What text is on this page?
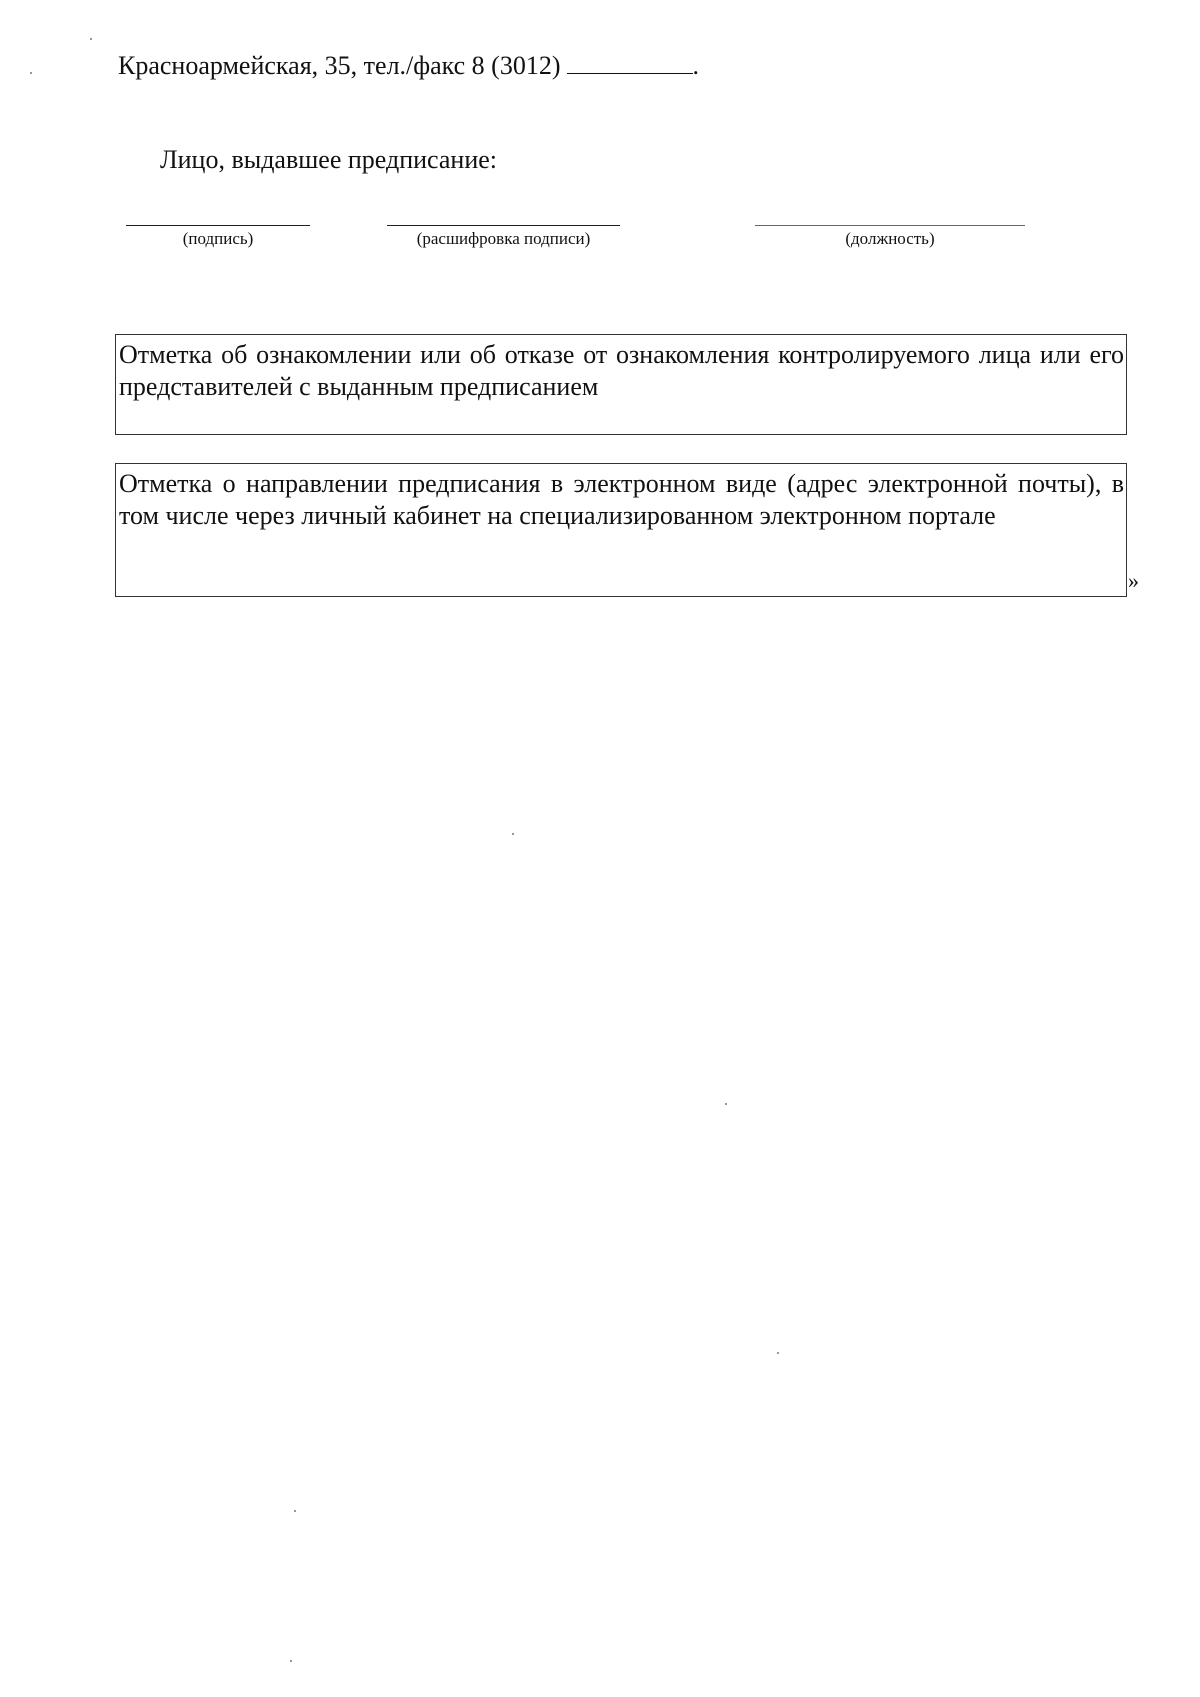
Красноармейская, 35, тел./факс 8 (3012)	.
Лицо, выдавшее предписание:
(подпись)	(расшифровка подписи)	(должность)
Отметка об ознакомлении или об отказе от ознакомления контролируемого лица или его представителей с выданным предписанием
Отметка о направлении предписания в электронном виде (адрес электронной почты), в том числе через личный кабинет на специализированном электронном портале
»
